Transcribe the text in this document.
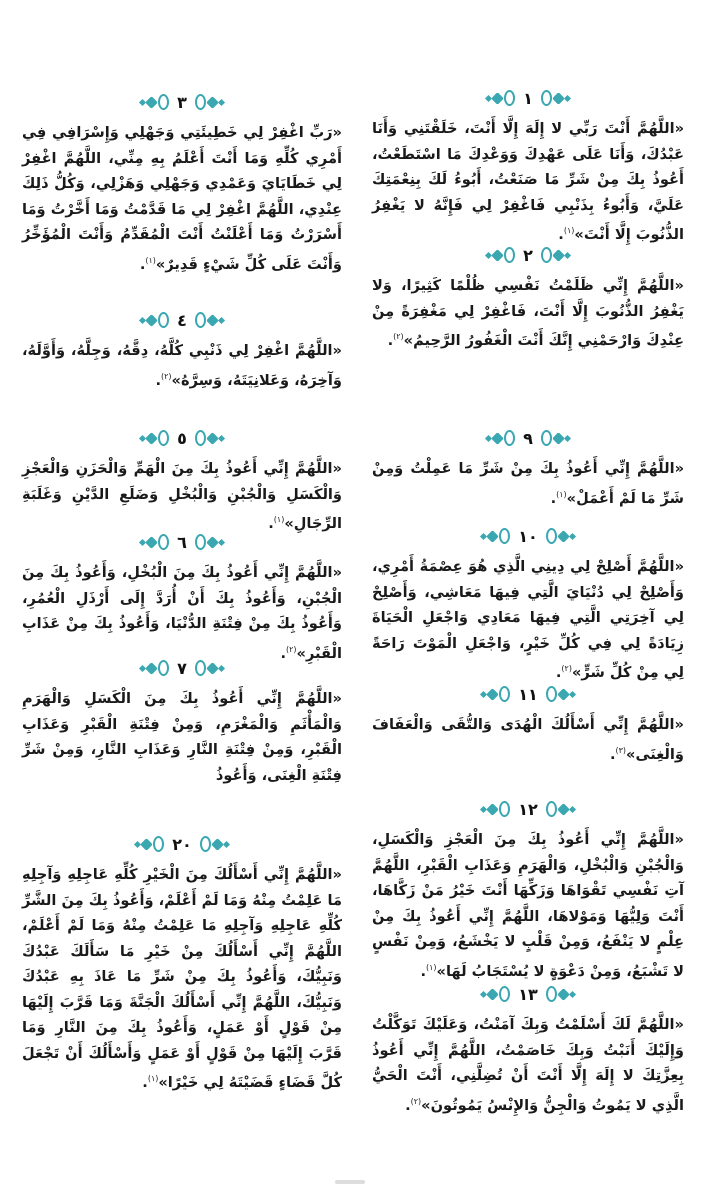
١

«اللَّهُمَّ أَنْتَ رَبِّي لا إِلَهَ إِلَّا أَنْتَ، خَلَقْتَنِي وَأَنَا عَبْدُكَ، وَأَنَا عَلَى عَهْدِكَ وَوَعْدِكَ مَا اسْتَطَعْتُ، أَعُوذُ بِكَ مِنْ شَرِّ مَا صَنَعْتُ، أَبُوءُ لَكَ بِنِعْمَتِكَ عَلَيَّ، وَأَبُوءُ بِذَنْبِي فَاغْفِرْ لِي فَإِنَّهُ لا يَغْفِرُ الذُّنُوبَ إِلَّا أَنْتَ»$^{(١)}$.

٢

«اللَّهُمَّ إِنِّي ظَلَمْتُ نَفْسِي ظُلْمًا كَثِيرًا، وَلا يَغْفِرُ الذُّنُوبَ إِلَّا أَنْتَ، فَاغْفِرْ لِي مَغْفِرَةً مِنْ عِنْدِكَ وَارْحَمْنِي إِنَّكَ أَنْتَ الْغَفُورُ الرَّحِيمُ»$^{(٢)}$.

٩

«اللَّهُمَّ إِنِّي أَعُوذُ بِكَ مِنْ شَرِّ مَا عَمِلْتُ وَمِنْ شَرِّ مَا لَمْ أَعْمَلْ»$^{(١)}$.

١٠

«اللَّهُمَّ أَصْلِحْ لِي دِينِي الَّذِي هُوَ عِصْمَةُ أَمْرِي، وَأَصْلِحْ لِي دُنْيَايَ الَّتِي فِيهَا مَعَاشِي، وَأَصْلِحْ لِي آخِرَتِي الَّتِي فِيهَا مَعَادِي وَاجْعَلِ الْحَيَاةَ زِيَادَةً لِي فِي كُلِّ خَيْرٍ، وَاجْعَلِ الْمَوْتَ رَاحَةً لِي مِنْ كُلِّ شَرٍّ»$^{(٢)}$.

١١

«اللَّهُمَّ إِنِّي أَسْأَلُكَ الْهُدَى وَالتُّقَى وَالْعَفَافَ وَالْغِنَى»$^{(٣)}$.

١٢

«اللَّهُمَّ إِنِّي أَعُوذُ بِكَ مِنَ الْعَجْزِ وَالْكَسَلِ، وَالْجُبْنِ وَالْبُخْلِ، وَالْهَرَمِ وَعَذَابِ الْقَبْرِ، اللَّهُمَّ آتِ نَفْسِي تَقْوَاهَا وَزَكِّهَا أَنْتَ خَيْرُ مَنْ زَكَّاهَا، أَنْتَ وَلِيُّهَا وَمَوْلاهَا، اللَّهُمَّ إِنِّي أَعُوذُ بِكَ مِنْ عِلْمٍ لا يَنْفَعُ، وَمِنْ قَلْبٍ لا يَخْشَعُ، وَمِنْ نَفْسٍ لا تَشْبَعُ، وَمِنْ دَعْوَةٍ لا يُسْتَجَابُ لَهَا»$^{(١)}$.

١٣

«اللَّهُمَّ لَكَ أَسْلَمْتُ وَبِكَ آمَنْتُ، وَعَلَيْكَ تَوَكَّلْتُ وَإِلَيْكَ أَنَبْتُ وَبِكَ خَاصَمْتُ، اللَّهُمَّ إِنِّي أَعُوذُ بِعِزَّتِكَ لا إِلَهَ إِلَّا أَنْتَ أَنْ تُضِلَّنِي، أَنْتَ الْحَيُّ الَّذِي لا يَمُوتُ وَالْجِنُّ وَالإِنْسُ يَمُوتُونَ»$^{(٢)}$.

٣

«رَبِّ اغْفِرْ لِي خَطِيئَتِي وَجَهْلِي وَإِسْرَافِي فِي أَمْرِي كُلِّهِ وَمَا أَنْتَ أَعْلَمُ بِهِ مِنِّي، اللَّهُمَّ اغْفِرْ لِي خَطَايَايَ وَعَمْدِي وَجَهْلِي وَهَزْلِي، وَكُلُّ ذَلِكَ عِنْدِي، اللَّهُمَّ اغْفِرْ لِي مَا قَدَّمْتُ وَمَا أَخَّرْتُ وَمَا أَسْرَرْتُ وَمَا أَعْلَنْتُ أَنْتَ الْمُقَدِّمُ وَأَنْتَ الْمُؤَخِّرُ وَأَنْتَ عَلَى كُلِّ شَيْءٍ قَدِيرٌ»$^{(١)}$.

٤

«اللَّهُمَّ اغْفِرْ لِي ذَنْبِي كُلَّهُ، دِقَّهُ، وَجِلَّهُ، وَأَوَّلَهُ، وَآخِرَهُ، وَعَلانِيَتَهُ، وَسِرَّهُ»$^{(٢)}$.

٥

«اللَّهُمَّ إِنِّي أَعُوذُ بِكَ مِنَ الْهَمِّ وَالْحَزَنِ وَالْعَجْزِ وَالْكَسَلِ وَالْجُبْنِ وَالْبُخْلِ وَضَلَعِ الدَّيْنِ وَغَلَبَةِ الرِّجَالِ»$^{(١)}$.

٦

«اللَّهُمَّ إِنِّي أَعُوذُ بِكَ مِنَ الْبُخْلِ، وَأَعُوذُ بِكَ مِنَ الْجُبْنِ، وَأَعُوذُ بِكَ أَنْ أُرَدَّ إِلَى أَرْذَلِ الْعُمُرِ، وَأَعُوذُ بِكَ مِنْ فِتْنَةِ الدُّنْيَا، وَأَعُوذُ بِكَ مِنْ عَذَابِ الْقَبْرِ»$^{(٢)}$.

٧

«اللَّهُمَّ إِنِّي أَعُوذُ بِكَ مِنَ الْكَسَلِ وَالْهَرَمِ وَالْمَأْثَمِ وَالْمَغْرَمِ، وَمِنْ فِتْنَةِ الْقَبْرِ وَعَذَابِ الْقَبْرِ، وَمِنْ فِتْنَةِ النَّارِ وَعَذَابِ النَّارِ، وَمِنْ شَرِّ فِتْنَةِ الْغِنَى، وَأَعُوذُ

٢٠

«اللَّهُمَّ إِنِّي أَسْأَلُكَ مِنَ الْخَيْرِ كُلِّهِ عَاجِلِهِ وَآجِلِهِ مَا عَلِمْتُ مِنْهُ وَمَا لَمْ أَعْلَمْ، وَأَعُوذُ بِكَ مِنَ الشَّرِّ كُلِّهِ عَاجِلِهِ وَآجِلِهِ مَا عَلِمْتُ مِنْهُ وَمَا لَمْ أَعْلَمْ، اللَّهُمَّ إِنِّي أَسْأَلُكَ مِنْ خَيْرِ مَا سَأَلَكَ عَبْدُكَ وَنَبِيُّكَ، وَأَعُوذُ بِكَ مِنْ شَرِّ مَا عَاذَ بِهِ عَبْدُكَ وَنَبِيُّكَ، اللَّهُمَّ إِنِّي أَسْأَلُكَ الْجَنَّةَ وَمَا قَرَّبَ إِلَيْهَا مِنْ قَوْلٍ أَوْ عَمَلٍ، وَأَعُوذُ بِكَ مِنَ النَّارِ وَمَا قَرَّبَ إِلَيْهَا مِنْ قَوْلٍ أَوْ عَمَلٍ وَأَسْأَلُكَ أَنْ تَجْعَلَ كُلَّ قَضَاءٍ قَضَيْتَهُ لِي خَيْرًا»$^{(١)}$.
